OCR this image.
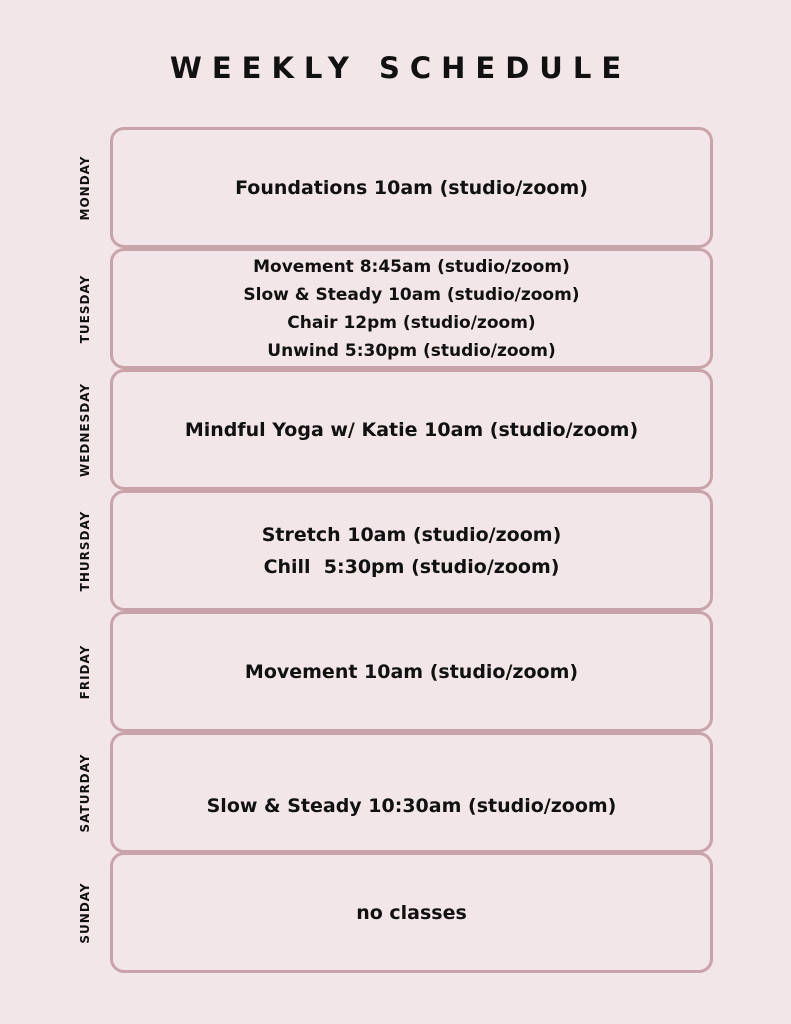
WEEKLY SCHEDULE
MONDAY	Foundations 10am (studio/zoom)
TUESDAY
Movement 8:45am (studio/zoom)
Slow & Steady 10am (studio/zoom)
Chair 12pm (studio/zoom)
Unwind 5:30pm (studio/zoom)
WEDNESDAY	Mindful Yoga w/ Katie 10am (studio/zoom)
THURSDAY	Stretch 10am (studio/zoom)
Chill  5:30pm (studio/zoom)
FRIDAY	Movement 10am (studio/zoom)
SATURDAY	Slow & Steady 10:30am (studio/zoom)
SUNDAY	no classes
